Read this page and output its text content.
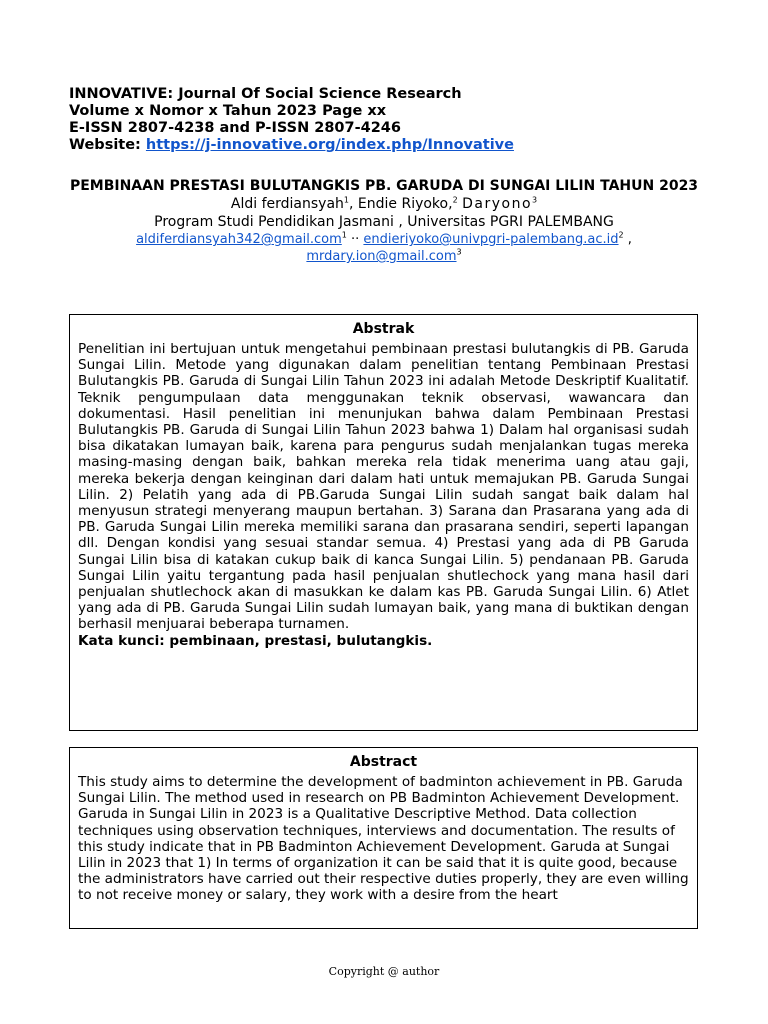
INNOVATIVE: Journal Of Social Science Research
Volume x Nomor x Tahun 2023 Page xx
E-ISSN 2807-4238 and P-ISSN 2807-4246
Website: https://j-innovative.org/index.php/Innovative
PEMBINAAN PRESTASI BULUTANGKIS PB. GARUDA DI SUNGAI LILIN TAHUN 2023
Aldi ferdiansyah$^1$, Endie Riyoko,$^2$ Daryono$^3$
Program Studi Pendidikan Jasmani , Universitas PGRI PALEMBANG
aldiferdiansyah342@gmail.com$^1$ ·· $endieriyoko@univpgri-palembang.ac.id^2$ ,
mrdary.ion@gmail.com$^3$
Abstrak
Penelitian ini bertujuan untuk mengetahui pembinaan prestasi bulutangkis di PB. Garuda Sungai Lilin. Metode yang digunakan dalam penelitian tentang Pembinaan Prestasi Bulutangkis PB. Garuda di Sungai Lilin Tahun 2023 ini adalah Metode Deskriptif Kualitatif. Teknik pengumpulaan data menggunakan teknik observasi, wawancara dan dokumentasi. Hasil penelitian ini menunjukan bahwa dalam Pembinaan Prestasi Bulutangkis PB. Garuda di Sungai Lilin Tahun 2023 bahwa 1) Dalam hal organisasi sudah bisa dikatakan lumayan baik, karena para pengurus sudah menjalankan tugas mereka masing-masing dengan baik, bahkan mereka rela tidak menerima uang atau gaji, mereka bekerja dengan keinginan dari dalam hati untuk memajukan PB. Garuda Sungai Lilin. 2) Pelatih yang ada di PB.Garuda Sungai Lilin sudah sangat baik dalam hal menyusun strategi menyerang maupun bertahan. 3) Sarana dan Prasarana yang ada di PB. Garuda Sungai Lilin mereka memiliki sarana dan prasarana sendiri, seperti lapangan dll. Dengan kondisi yang sesuai standar semua. 4) Prestasi yang ada di PB Garuda Sungai Lilin bisa di katakan cukup baik di kanca Sungai Lilin. 5) pendanaan PB. Garuda Sungai Lilin yaitu tergantung pada hasil penjualan shutlechock yang mana hasil dari penjualan shutlechock akan di masukkan ke dalam kas PB. Garuda Sungai Lilin. 6) Atlet yang ada di PB. Garuda Sungai Lilin sudah lumayan baik, yang mana di buktikan dengan berhasil menjuarai beberapa turnamen.
Kata kunci: pembinaan, prestasi, bulutangkis.
Abstract
This study aims to determine the development of badminton achievement in PB. Garuda Sungai Lilin. The method used in research on PB Badminton Achievement Development. Garuda in Sungai Lilin in 2023 is a Qualitative Descriptive Method. Data collection techniques using observation techniques, interviews and documentation. The results of this study indicate that in PB Badminton Achievement Development. Garuda at Sungai Lilin in 2023 that 1) In terms of organization it can be said that it is quite good, because the administrators have carried out their respective duties properly, they are even willing to not receive money or salary, they work with a desire from the heart
Copyright @ author
